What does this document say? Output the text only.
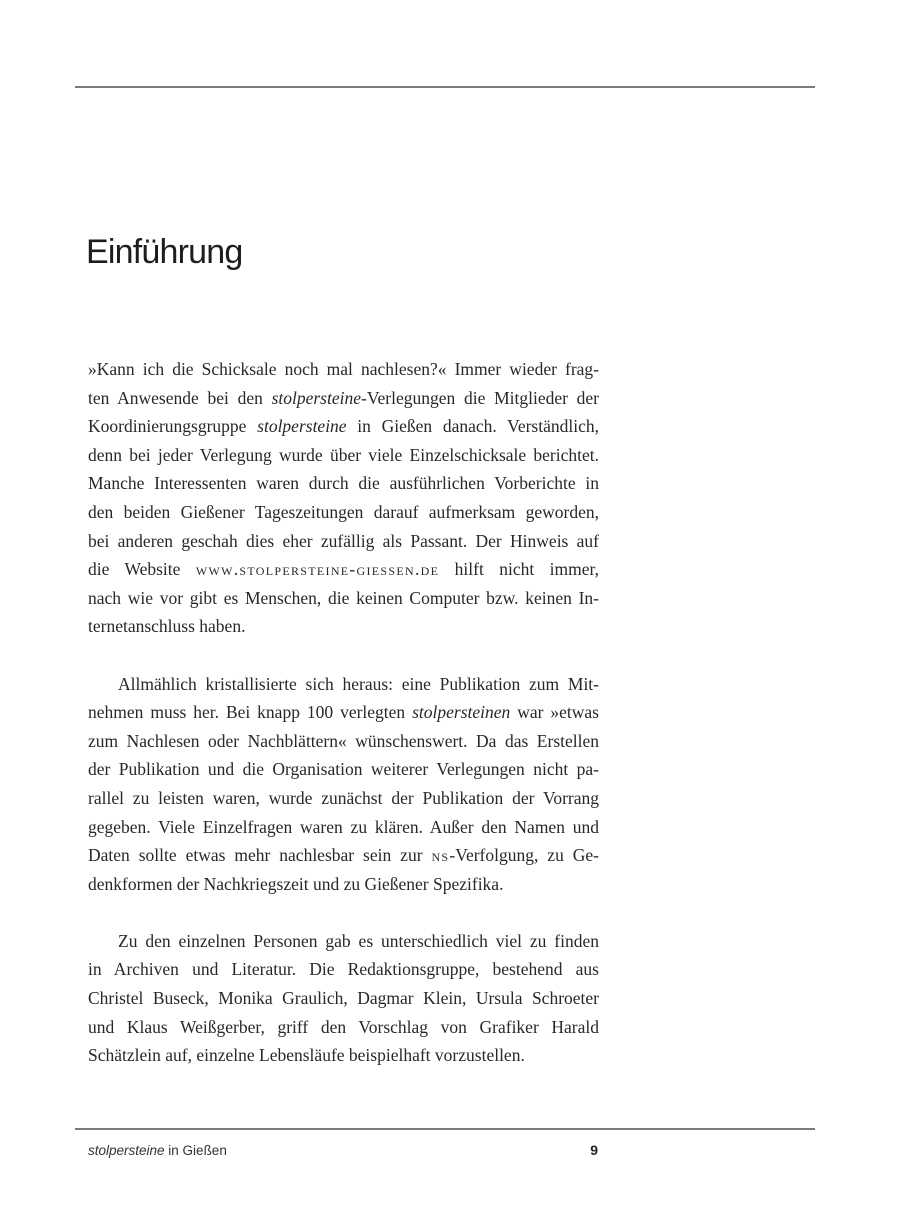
Einführung
»Kann ich die Schicksale noch mal nachlesen?« Immer wieder frag-
ten Anwesende bei den stolpersteine-Verlegungen die Mitglieder der
Koordinierungsgruppe stolpersteine in Gießen danach. Verständlich,
denn bei jeder Verlegung wurde über viele Einzelschicksale berichtet.
Manche Interessenten waren durch die ausführlichen Vorberichte in
den beiden Gießener Tageszeitungen darauf aufmerksam geworden,
bei anderen geschah dies eher zufällig als Passant. Der Hinweis auf
die Website www.stolpersteine-giessen.de hilft nicht immer,
nach wie vor gibt es Menschen, die keinen Computer bzw. keinen In-
ternetanschluss haben.
Allmählich kristallisierte sich heraus: eine Publikation zum Mit-
nehmen muss her. Bei knapp 100 verlegten stolpersteinen war »etwas
zum Nachlesen oder Nachblättern« wünschenswert. Da das Erstellen
der Publikation und die Organisation weiterer Verlegungen nicht pa-
rallel zu leisten waren, wurde zunächst der Publikation der Vorrang
gegeben. Viele Einzelfragen waren zu klären. Außer den Namen und
Daten sollte etwas mehr nachlesbar sein zur ns-Verfolgung, zu Ge-
denkformen der Nachkriegszeit und zu Gießener Spezifika.
Zu den einzelnen Personen gab es unterschiedlich viel zu finden
in Archiven und Literatur. Die Redaktionsgruppe, bestehend aus
Christel Buseck, Monika Graulich, Dagmar Klein, Ursula Schroeter
und Klaus Weißgerber, griff den Vorschlag von Grafiker Harald
Schätzlein auf, einzelne Lebensläufe beispielhaft vorzustellen.
stolpersteine in Gießen	9
